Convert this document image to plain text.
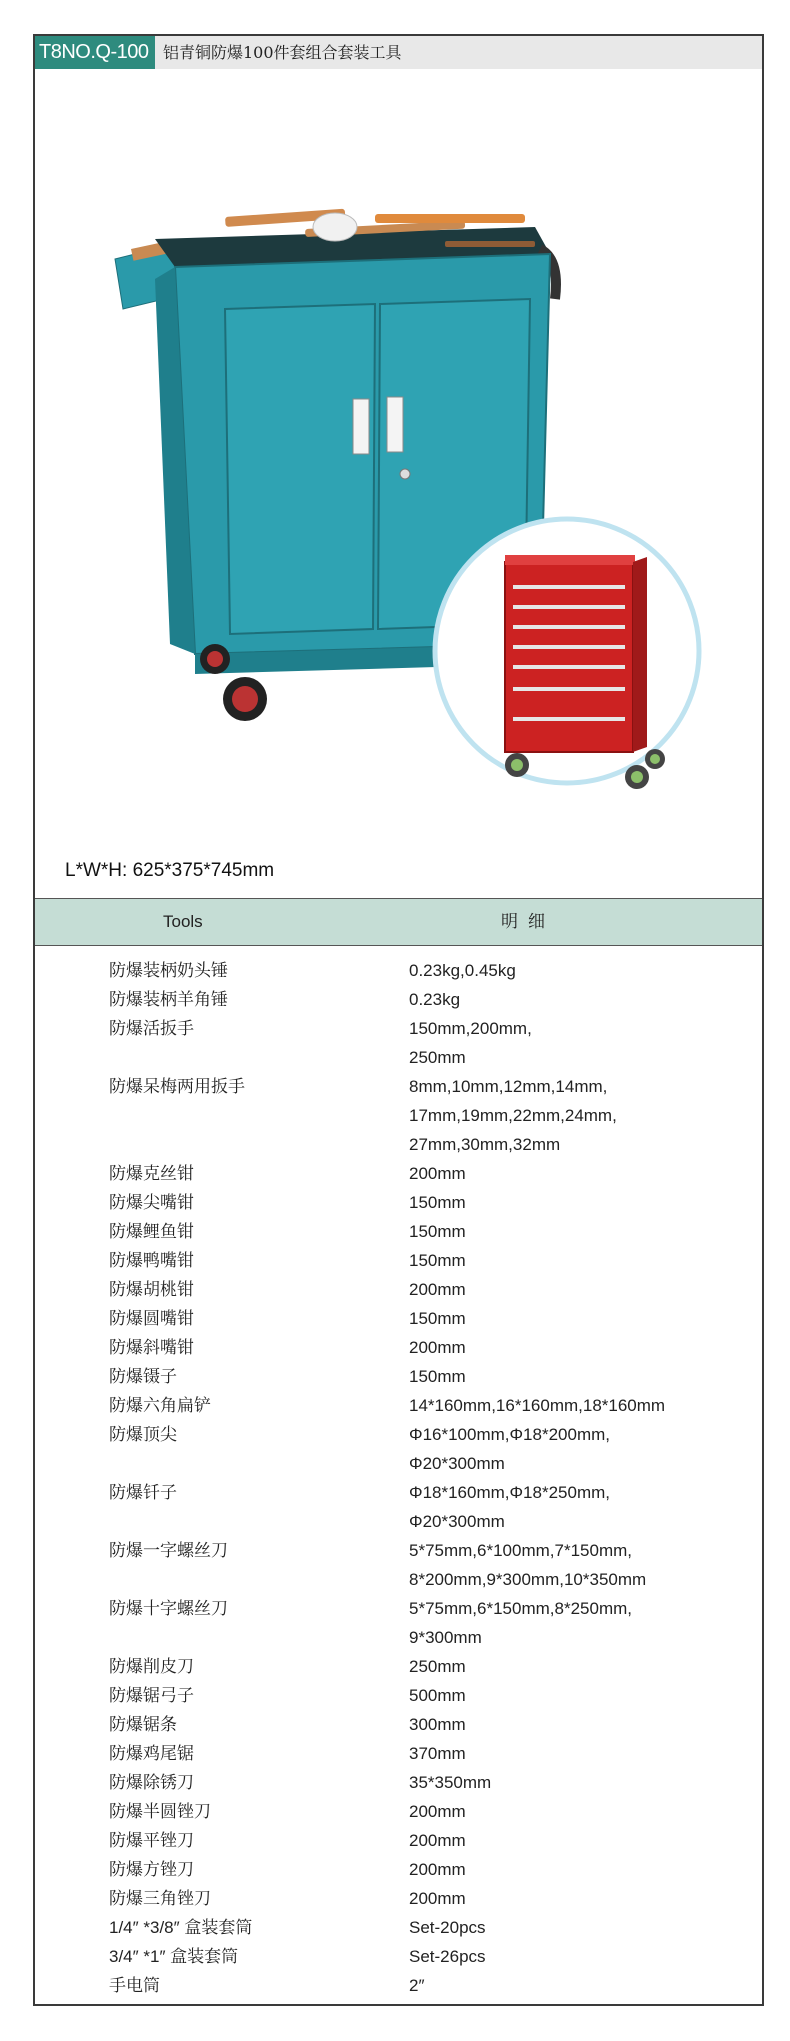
T8NO.Q-100 铝青铜防爆100件套组合套装工具
L*W*H: 625*375*745mm
Tools	明细
防爆装柄奶头锤	0.23kg,0.45kg
防爆装柄羊角锤	0.23kg
防爆活扳手	150mm,200mm,
250mm
防爆呆梅两用扳手	8mm,10mm,12mm,14mm,
17mm,19mm,22mm,24mm,
27mm,30mm,32mm
防爆克丝钳	200mm
防爆尖嘴钳	150mm
防爆鲤鱼钳	150mm
防爆鸭嘴钳	150mm
防爆胡桃钳	200mm
防爆圆嘴钳	150mm
防爆斜嘴钳	200mm
防爆镊子	150mm
防爆六角扁铲	14*160mm,16*160mm,18*160mm
防爆顶尖	Φ16*100mm,Φ18*200mm,
Φ20*300mm
防爆钎子	Φ18*160mm,Φ18*250mm,
Φ20*300mm
防爆一字螺丝刀	5*75mm,6*100mm,7*150mm,
8*200mm,9*300mm,10*350mm
防爆十字螺丝刀	5*75mm,6*150mm,8*250mm,
9*300mm
防爆削皮刀	250mm
防爆锯弓子	500mm
防爆锯条	300mm
防爆鸡尾锯	370mm
防爆除锈刀	35*350mm
防爆半圆锉刀	200mm
防爆平锉刀	200mm
防爆方锉刀	200mm
防爆三角锉刀	200mm
1/4″ *3/8″ 盒装套筒	Set-20pcs
3/4″ *1″ 盒装套筒	Set-26pcs
手电筒	2″
